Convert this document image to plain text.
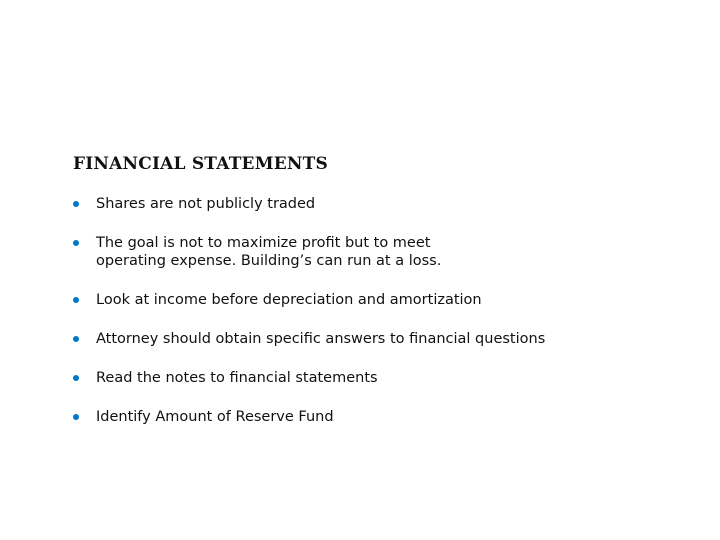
FINANCIAL STATEMENTS
Shares are not publicly traded
The goal is not to maximize profit but to meet operating expense. Building’s can run at a loss.
Look at income before depreciation and amortization
Attorney should obtain specific answers to financial questions
Read the notes to financial statements
Identify Amount of Reserve Fund
